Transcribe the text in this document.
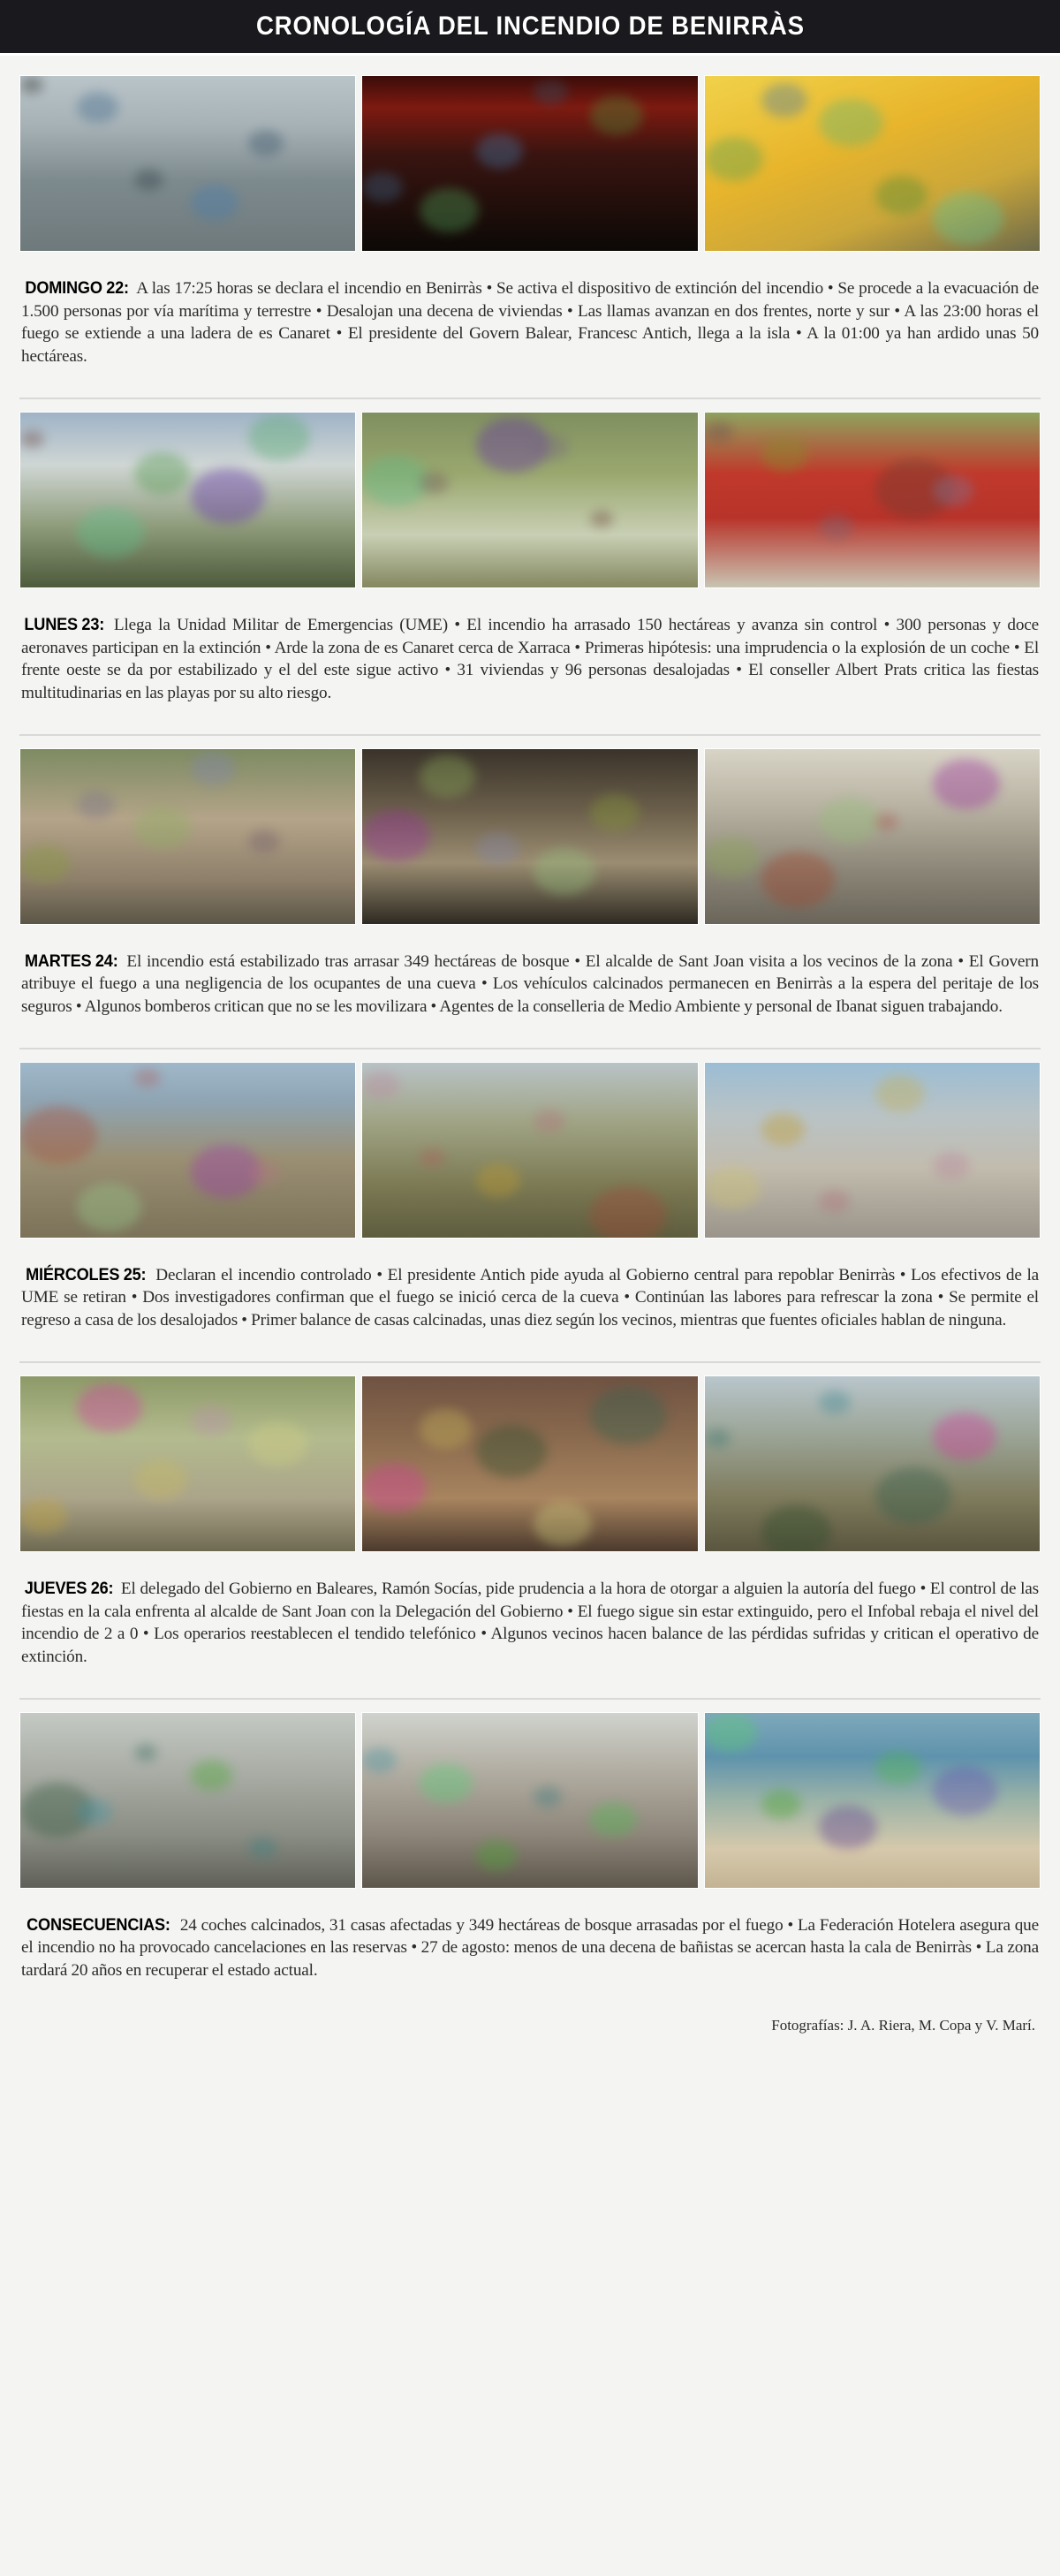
CRONOLOGÍA DEL INCENDIO DE BENIRRÀS

DOMINGO 22: A las 17:25 horas se declara el incendio en Benirràs • Se activa el dispositivo de extinción del incendio • Se procede a la evacuación de 1.500 personas por vía marítima y terrestre • Desalojan una decena de viviendas • Las llamas avanzan en dos frentes, norte y sur • A las 23:00 horas el fuego se extiende a una ladera de es Canaret • El presidente del Govern Balear, Francesc Antich, llega a la isla • A la 01:00 ya han ardido unas 50 hectáreas.

LUNES 23: Llega la Unidad Militar de Emergencias (UME) • El incendio ha arrasado 150 hectáreas y avanza sin control • 300 personas y doce aeronaves participan en la extinción • Arde la zona de es Canaret cerca de Xarraca • Primeras hipótesis: una imprudencia o la explosión de un coche • El frente oeste se da por estabilizado y el del este sigue activo • 31 viviendas y 96 personas desalojadas • El conseller Albert Prats critica las fiestas multitudinarias en las playas por su alto riesgo.

MARTES 24: El incendio está estabilizado tras arrasar 349 hectáreas de bosque • El alcalde de Sant Joan visita a los vecinos de la zona • El Govern atribuye el fuego a una negligencia de los ocupantes de una cueva • Los vehículos calcinados permanecen en Benirràs a la espera del peritaje de los seguros • Algunos bomberos critican que no se les movilizara • Agentes de la conselleria de Medio Ambiente y personal de Ibanat siguen trabajando.

MIÉRCOLES 25: Declaran el incendio controlado • El presidente Antich pide ayuda al Gobierno central para repoblar Benirràs • Los efectivos de la UME se retiran • Dos investigadores confirman que el fuego se inició cerca de la cueva • Continúan las labores para refrescar la zona • Se permite el regreso a casa de los desalojados • Primer balance de casas calcinadas, unas diez según los vecinos, mientras que fuentes oficiales hablan de ninguna.

JUEVES 26: El delegado del Gobierno en Baleares, Ramón Socías, pide prudencia a la hora de otorgar a alguien la autoría del fuego • El control de las fiestas en la cala enfrenta al alcalde de Sant Joan con la Delegación del Gobierno • El fuego sigue sin estar extinguido, pero el Infobal rebaja el nivel del incendio de 2 a 0 • Los operarios reestablecen el tendido telefónico • Algunos vecinos hacen balance de las pérdidas sufridas y critican el operativo de extinción.

CONSECUENCIAS: 24 coches calcinados, 31 casas afectadas y 349 hectáreas de bosque arrasadas por el fuego • La Federación Hotelera asegura que el incendio no ha provocado cancelaciones en las reservas • 27 de agosto: menos de una decena de bañistas se acercan hasta la cala de Benirràs • La zona tardará 20 años en recuperar el estado actual.

Fotografías: J. A. Riera, M. Copa y V. Marí.
